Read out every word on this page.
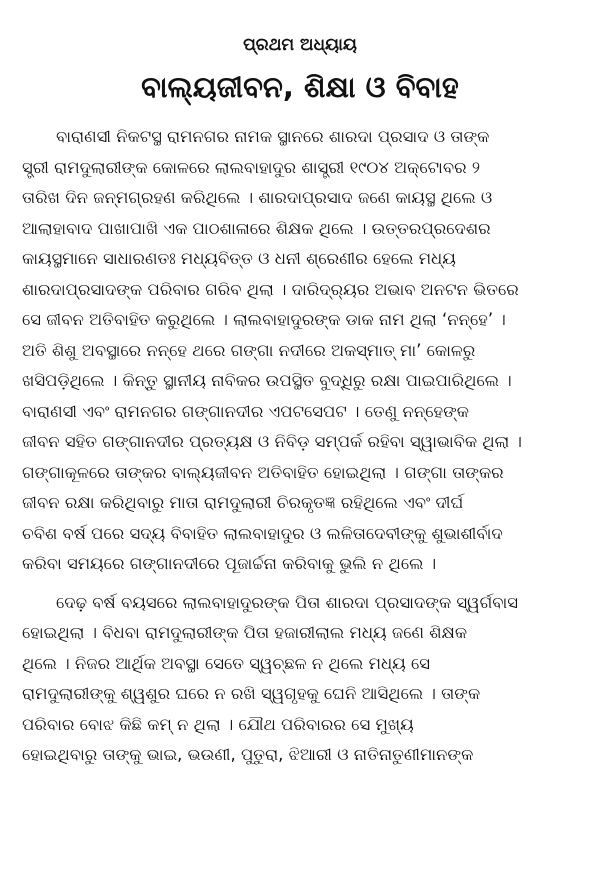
ପ୍ରଥମ ଅଧ୍ୟାୟ
ବାଲ୍ୟଜୀବନ, ଶିକ୍ଷା ଓ ବିବାହ
ବାରାଣସୀ ନିକଟସ୍ଥ ରାମନଗର ନାମକ ସ୍ଥାନରେ ଶାରଦା ପ୍ରସାଦ ଓ ତାଙ୍କ
ସ୍ତ୍ରୀ ରାମଦୁଲାରୀଙ୍କ କୋଳରେ ଲାଲବାହାଦୁର ଶାସ୍ତ୍ରୀ ୧୯୦୪ ଅକ୍ଟୋବର ୨
ତାରିଖ ଦିନ ଜନ୍ମଗ୍ରହଣ କରିଥିଲେ । ଶାରଦାପ୍ରସାଦ ଜଣେ କାୟସ୍ଥ ଥିଲେ ଓ
ଆଲାହାବାଦ ପାଖାପାଖି ଏକ ପାଠଶାଳାରେ ଶିକ୍ଷକ ଥିଲେ । ଉତ୍ତରପ୍ରଦେଶର
କାୟସ୍ଥମାନେ ସାଧାରଣତଃ ମଧ୍ୟବିତ୍ତ ଓ ଧନୀ ଶ୍ରେଣୀର ହେଲେ ମଧ୍ୟ
ଶାରଦାପ୍ରସାଦଙ୍କ ପରିବାର ଗରିବ ଥିଲା । ଦାରିଦ୍ର୍ୟର ଅଭାବ ଅନଟନ ଭିତରେ
ସେ ଜୀବନ ଅତିବାହିତ କରୁଥିଲେ । ଲାଲବାହାଦୁରଙ୍କ ଡାକ ନାମ ଥିଲା ‘ନନ୍‌ହେ’ ।
ଅତି ଶିଶୁ ଅବସ୍ଥାରେ ନନ୍‌ହେ ଥରେ ଗଙ୍ଗା ନଦୀରେ ଅକସ୍ମାତ୍‌ ମା’ କୋଳରୁ
ଖସିପଡ଼ିଥିଲେ । କିନ୍ତୁ ସ୍ଥାନୀୟ ନାବିକର ଉପସ୍ଥିତ ବୁଦ୍ଧିରୁ ରକ୍ଷା ପାଇପାରିଥିଲେ ।
ବାରାଣସୀ ଏବଂ ରାମନଗର ଗଙ୍ଗାନଦୀର ଏପଟସେପଟ । ତେଣୁ ନନ୍‌ହେଙ୍କ
ଜୀବନ ସହିତ ଗଙ୍ଗାନଦୀର ପ୍ରତ୍ୟକ୍ଷ ଓ ନିବିଡ଼ ସମ୍ପର୍କ ରହିବା ସ୍ୱାଭାବିକ ଥିଲା ।
ଗଙ୍ଗାକୂଳରେ ତାଙ୍କର ବାଲ୍ୟଜୀବନ ଅତିବାହିତ ହୋଇଥିଲା । ଗଙ୍ଗା ତାଙ୍କର
ଜୀବନ ରକ୍ଷା କରିଥିବାରୁ ମାତା ରାମଦୁଲାରୀ ଚିରକୃତଜ୍ଞ ରହିଥିଲେ ଏବଂ ଦୀର୍ଘ
ଚବିଶ ବର୍ଷ ପରେ ସଦ୍ୟ ବିବାହିତ ଲାଲବାହାଦୁର ଓ ଲଳିତାଦେବୀଙ୍କୁ ଶୁଭାଶୀର୍ବାଦ
କରିବା ସମୟରେ ଗଙ୍ଗାନଦୀରେ ପୂଜାର୍ଚ୍ଚନା କରିବାକୁ ଭୁଲି ନ ଥିଲେ ।
ଦେଢ଼ ବର୍ଷ ବୟସରେ ଲାଲବାହାଦୁରଙ୍କ ପିତା ଶାରଦା ପ୍ରସାଦଙ୍କ ସ୍ୱର୍ଗବାସ
ହୋଇଥିଲା । ବିଧବା ରାମଦୁଲାରୀଙ୍କ ପିତା ହଜାରୀଲାଲ ମଧ୍ୟ ଜଣେ ଶିକ୍ଷକ
ଥିଲେ । ନିଜର ଆର୍ଥିକ ଅବସ୍ଥା ସେତେ ସ୍ୱଚ୍ଛଳ ନ ଥିଲେ ମଧ୍ୟ ସେ
ରାମଦୁଲାରୀଙ୍କୁ ଶ୍ୱଶୁର ଘରେ ନ ରଖି ସ୍ୱଗୃହକୁ ଘେନି ଆସିଥିଲେ । ତାଙ୍କ
ପରିବାର ବୋଝ କିଛି କମ୍‌ ନ ଥିଲା । ଯୌଥ ପରିବାରର ସେ ମୁଖ୍ୟ
ହୋଇଥିବାରୁ ତାଙ୍କୁ ଭାଇ, ଭଉଣୀ, ପୁତୁରା, ଝିଆରୀ ଓ ନାତିନାତୁଣୀମାନଙ୍କ
